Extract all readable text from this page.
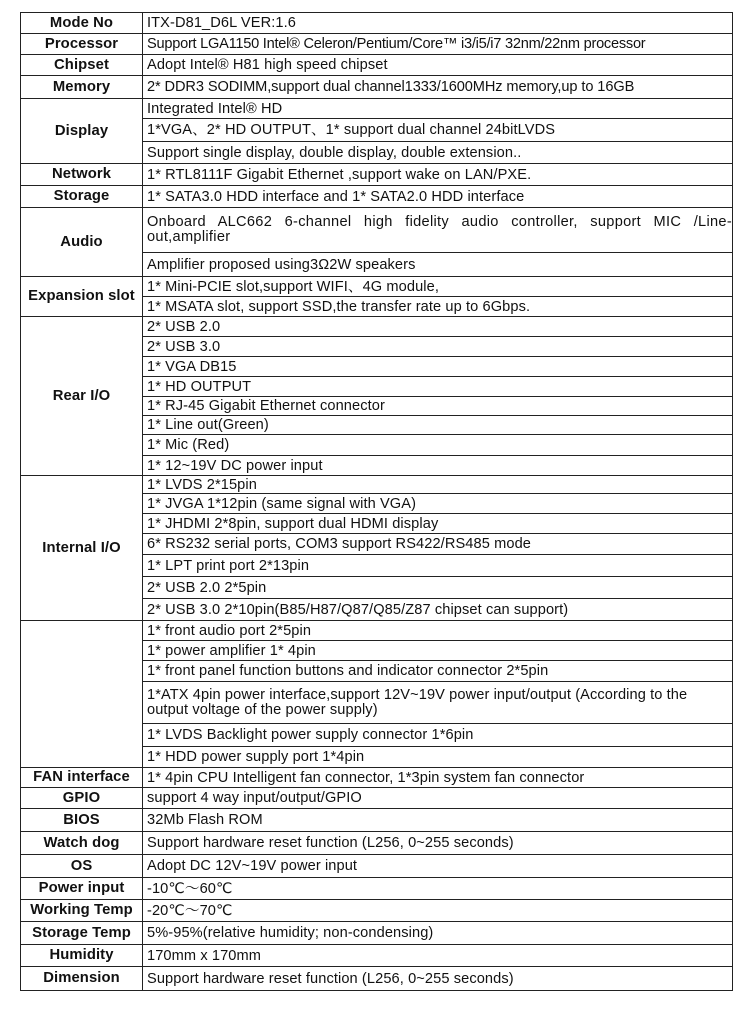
Mode No	ITX-D81_D6L VER:1.6
Processor	Support LGA1150 Intel® Celeron/Pentium/Core™ i3/i5/i7 32nm/22nm processor
Chipset	Adopt Intel® H81 high speed chipset
Memory	2* DDR3 SODIMM,support dual channel1333/1600MHz memory,up to 16GB
Display	Integrated Intel® HD
	1*VGA、2* HD OUTPUT、1* support dual channel 24bitLVDS
	Support single display, double display, double extension..
Network	1* RTL8111F Gigabit Ethernet ,support wake on LAN/PXE.
Storage	1* SATA3.0 HDD interface and 1* SATA2.0 HDD interface
Audio	Onboard ALC662 6-channel high fidelity audio controller, support MIC /Line-out,amplifier
	Amplifier proposed using3Ω2W speakers
Expansion slot	1* Mini-PCIE slot,support WIFI、4G module,
	1* MSATA slot, support SSD,the transfer rate up to 6Gbps.
Rear I/O	2* USB 2.0
	2* USB 3.0
	1* VGA DB15
	1* HD OUTPUT
	1* RJ-45 Gigabit Ethernet connector
	1* Line out(Green)
	1* Mic (Red)
	1* 12~19V DC power input
Internal I/O	1* LVDS 2*15pin
	1* JVGA 1*12pin (same signal with VGA)
	1* JHDMI 2*8pin, support dual HDMI display
	6* RS232 serial ports, COM3 support RS422/RS485 mode
	1* LPT print port 2*13pin
	2* USB 2.0 2*5pin
	2* USB 3.0 2*10pin(B85/H87/Q87/Q85/Z87 chipset can support)
	1* front audio port 2*5pin
	1* power amplifier 1* 4pin
	1* front panel function buttons and indicator connector 2*5pin
	1*ATX 4pin power interface,support 12V~19V power input/output (According to the output voltage of the power supply)
	1* LVDS Backlight power supply connector 1*6pin
	1* HDD power supply port 1*4pin
FAN interface	1* 4pin CPU Intelligent fan connector, 1*3pin system fan connector
GPIO	support 4 way input/output/GPIO
BIOS	32Mb Flash ROM
Watch dog	Support hardware reset function (L256, 0~255 seconds)
OS	Adopt DC 12V~19V power input
Power input	-10℃～60℃
Working Temp	-20℃～70℃
Storage Temp	5%-95%(relative humidity; non-condensing)
Humidity	170mm x 170mm
Dimension	Support hardware reset function (L256, 0~255 seconds)
